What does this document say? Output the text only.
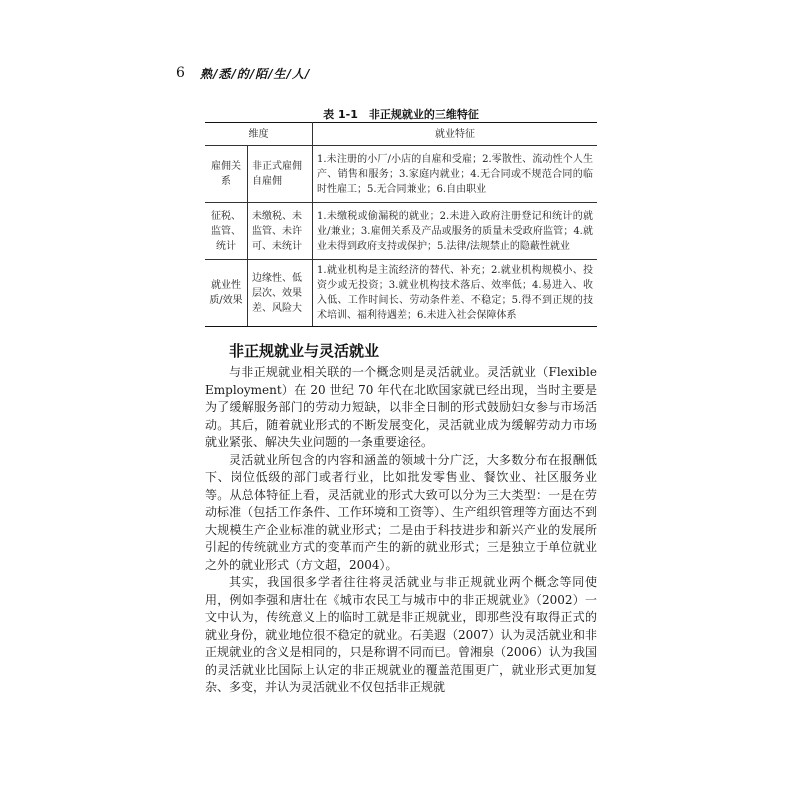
6 熟/悉/的/陌/生/人/
表 1-1　非正规就业的三维特征
维度		就业特征
雇佣关系	非正式雇佣自雇佣	1.未注册的小厂/小店的自雇和受雇；2.零散性、流动性个人生产、销售和服务；3.家庭内就业；4.无合同或不规范合同的临时性雇工；5.无合同兼业；6.自由职业
征税、监管、统计	未缴税、未监管、未许可、未统计	1.未缴税或偷漏税的就业；2.未进入政府注册登记和统计的就业/兼业；3.雇佣关系及产品或服务的质量未受政府监管；4.就业未得到政府支持或保护；5.法律/法规禁止的隐蔽性就业
就业性质/效果	边缘性、低层次、效果差、风险大	1.就业机构是主流经济的替代、补充；2.就业机构规模小、投资少或无投资；3.就业机构技术落后、效率低；4.易进入、收入低、工作时间长、劳动条件差、不稳定；5.得不到正规的技术培训、福利待遇差；6.未进入社会保障体系
非正规就业与灵活就业

与非正规就业相关联的一个概念则是灵活就业。灵活就业（Flexible Employment）在 20 世纪 70 年代在北欧国家就已经出现，当时主要是为了缓解服务部门的劳动力短缺，以非全日制的形式鼓励妇女参与市场活动。其后，随着就业形式的不断发展变化，灵活就业成为缓解劳动力市场就业紧张、解决失业问题的一条重要途径。

灵活就业所包含的内容和涵盖的领域十分广泛，大多数分布在报酬低下、岗位低级的部门或者行业，比如批发零售业、餐饮业、社区服务业等。从总体特征上看，灵活就业的形式大致可以分为三大类型：一是在劳动标准（包括工作条件、工作环境和工资等）、生产组织管理等方面达不到大规模生产企业标准的就业形式；二是由于科技进步和新兴产业的发展所引起的传统就业方式的变革而产生的新的就业形式；三是独立于单位就业之外的就业形式（方文超，2004）。

其实，我国很多学者往往将灵活就业与非正规就业两个概念等同使用，例如李强和唐壮在《城市农民工与城市中的非正规就业》（2002）一文中认为，传统意义上的临时工就是非正规就业，即那些没有取得正式的就业身份，就业地位很不稳定的就业。石美遐（2007）认为灵活就业和非正规就业的含义是相同的，只是称谓不同而已。曾湘泉（2006）认为我国的灵活就业比国际上认定的非正规就业的覆盖范围更广，就业形式更加复杂、多变，并认为灵活就业不仅包括非正规就
